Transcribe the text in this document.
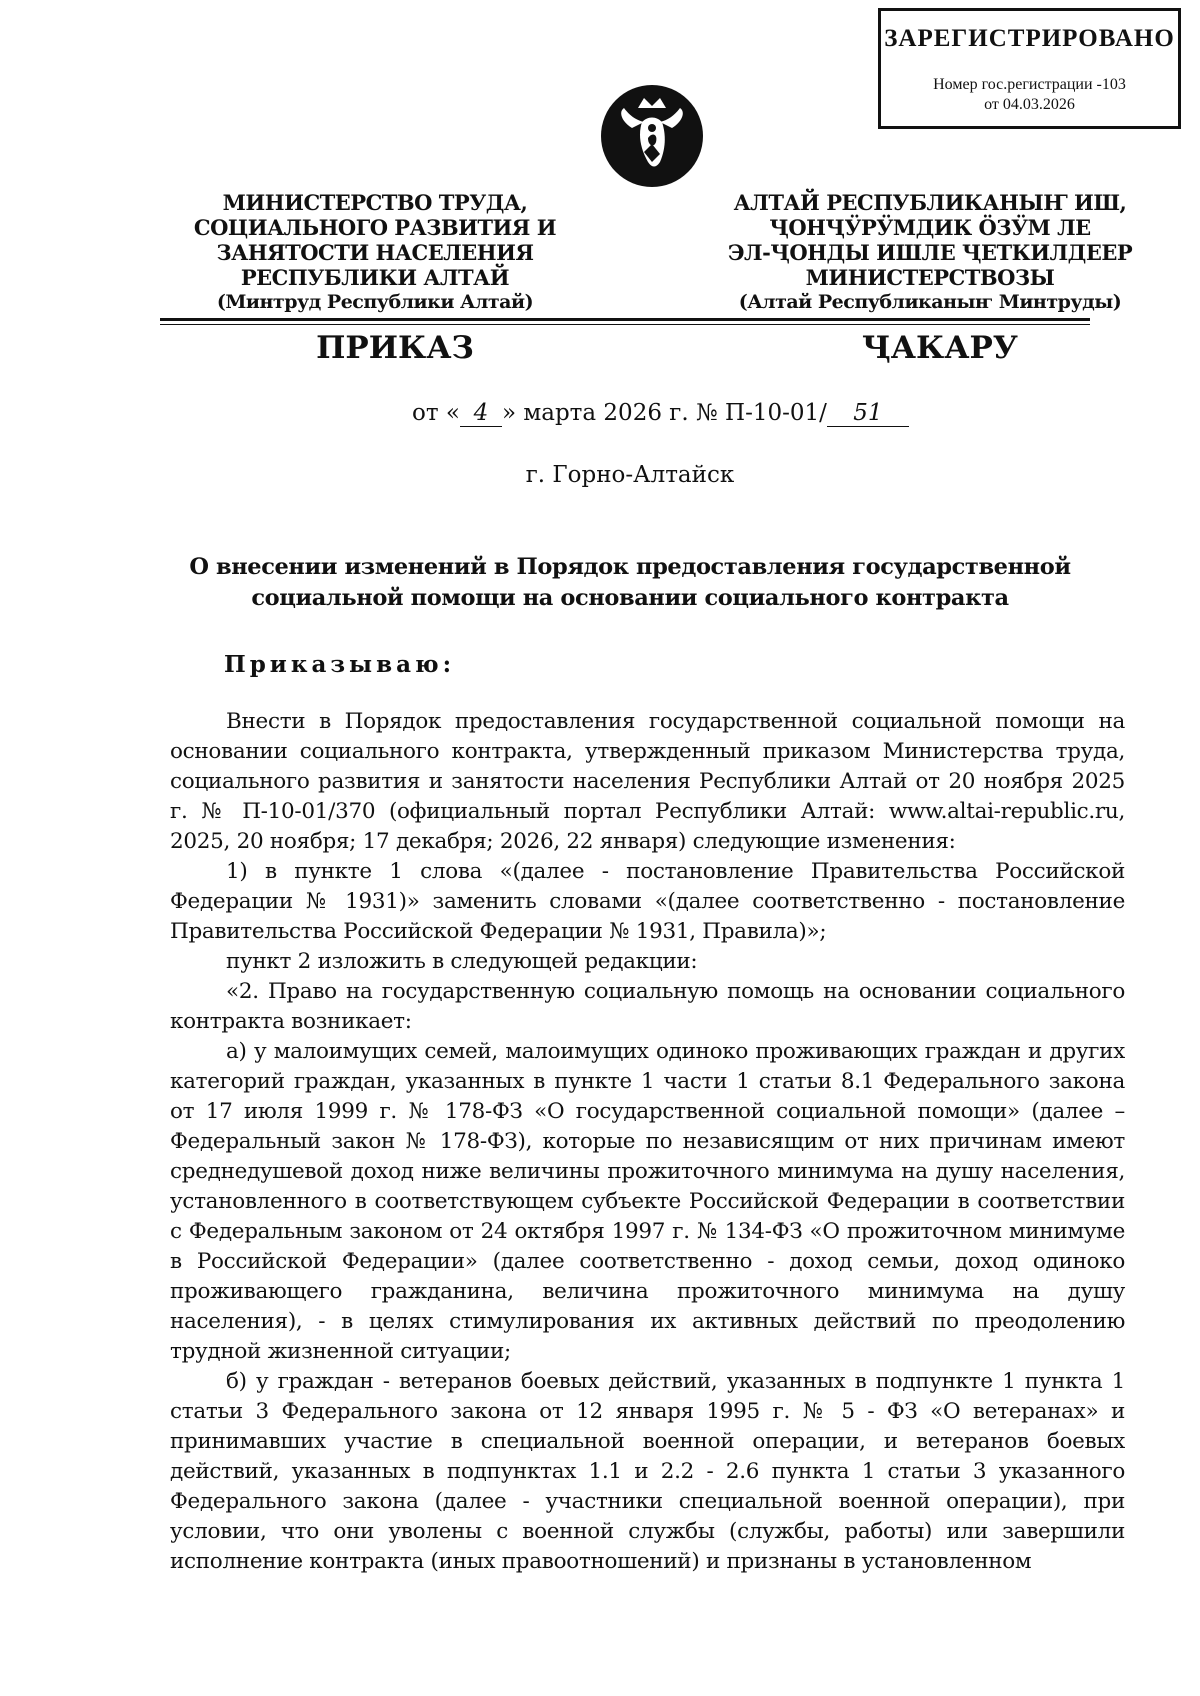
ЗАРЕГИСТРИРОВАНО
Номер гос.регистрации -103
от 04.03.2026
МИНИСТЕРСТВО ТРУДА,
СОЦИАЛЬНОГО РАЗВИТИЯ И
ЗАНЯТОСТИ НАСЕЛЕНИЯ
РЕСПУБЛИКИ АЛТАЙ
(Минтруд Республики Алтай)
АЛТАЙ РЕСПУБЛИКАНЫҤ ИШ,
ҶОНҶӰРӰМДИК ӦЗӰМ ЛЕ
ЭЛ-ҶОНДЫ ИШЛЕ ҶЕТКИЛДЕЕР
МИНИСТЕРСТВОЗЫ
(Алтай Республиканыҥ Минтруды)
ПРИКАЗ	ҶАКАРУ
от « 4 » марта 2026 г. № П-10-01/ 51
г. Горно-Алтайск
О внесении изменений в Порядок предоставления государственной
социальной помощи на основании социального контракта
Приказываю:

Внести в Порядок предоставления государственной социальной помощи на основании социального контракта, утвержденный приказом Министерства труда, социального развития и занятости населения Республики Алтай от 20 ноября 2025 г. № П-10-01/370 (официальный портал Республики Алтай: www.altai-republic.ru, 2025, 20 ноября; 17 декабря; 2026, 22 января) следующие изменения:

1) в пункте 1 слова «(далее - постановление Правительства Российской Федерации № 1931)» заменить словами «(далее соответственно - постановление Правительства Российской Федерации № 1931, Правила)»;

пункт 2 изложить в следующей редакции:

«2. Право на государственную социальную помощь на основании социального контракта возникает:

а) у малоимущих семей, малоимущих одиноко проживающих граждан и других категорий граждан, указанных в пункте 1 части 1 статьи 8.1 Федерального закона от 17 июля 1999 г. № 178-ФЗ «О государственной социальной помощи» (далее – Федеральный закон № 178-ФЗ), которые по независящим от них причинам имеют среднедушевой доход ниже величины прожиточного минимума на душу населения, установленного в соответствующем субъекте Российской Федерации в соответствии с Федеральным законом от 24 октября 1997 г. № 134-ФЗ «О прожиточном минимуме в Российской Федерации» (далее соответственно - доход семьи, доход одиноко проживающего гражданина, величина прожиточного минимума на душу населения), - в целях стимулирования их активных действий по преодолению трудной жизненной ситуации;

б) у граждан - ветеранов боевых действий, указанных в подпункте 1 пункта 1 статьи 3 Федерального закона от 12 января 1995 г. № 5 - ФЗ «О ветеранах» и принимавших участие в специальной военной операции, и ветеранов боевых действий, указанных в подпунктах 1.1 и 2.2 - 2.6 пункта 1 статьи 3 указанного Федерального закона (далее - участники специальной военной операции), при условии, что они уволены с военной службы (службы, работы) или завершили исполнение контракта (иных правоотношений) и признаны в установленном
